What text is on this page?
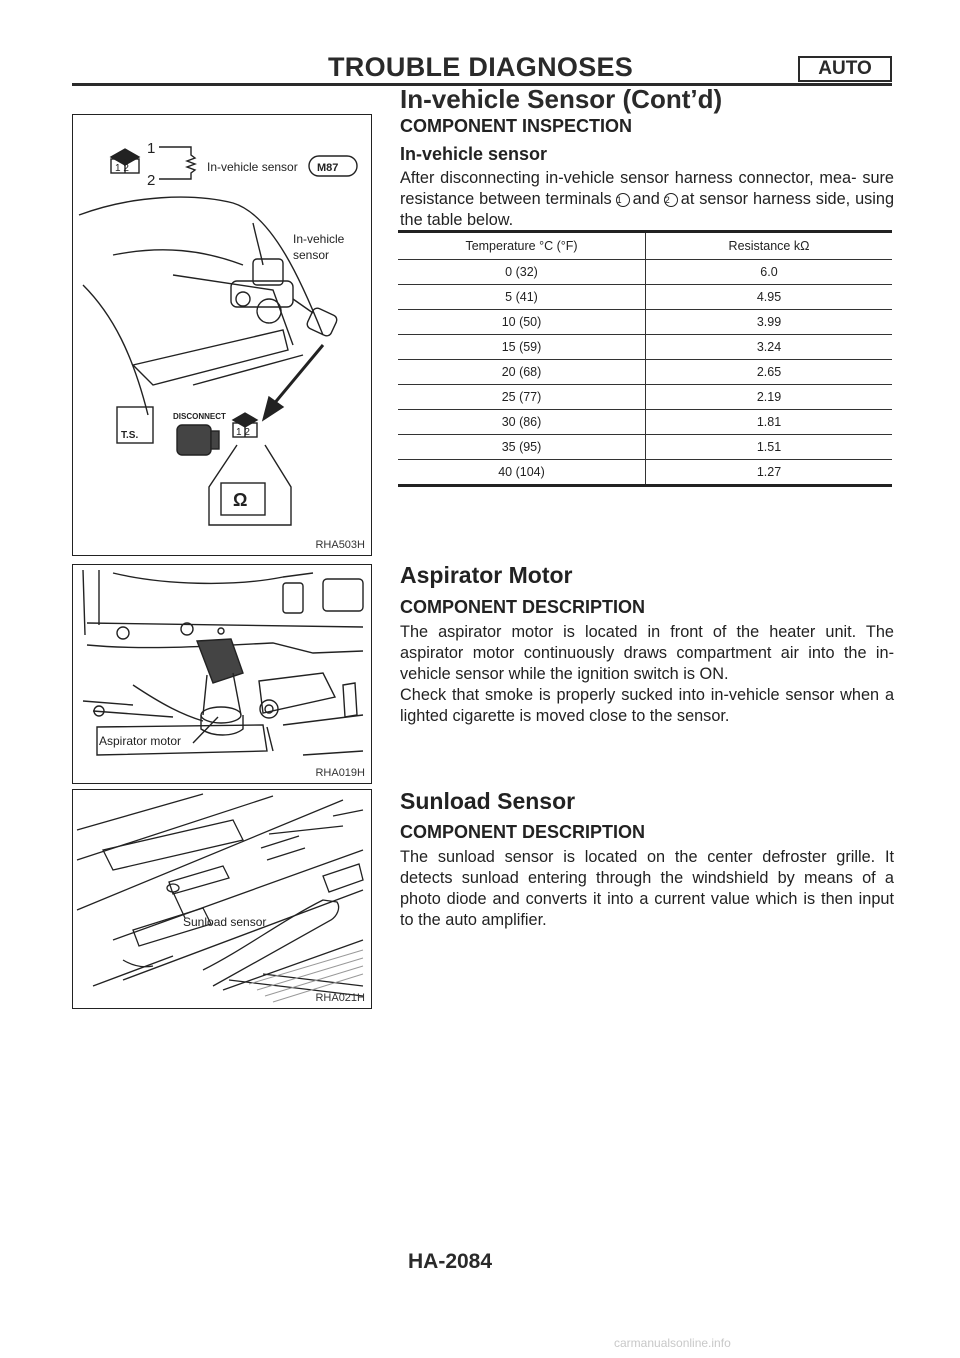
TROUBLE DIAGNOSES	AUTO
In-vehicle Sensor (Cont’d)
1
2
1 2	In-vehicle sensor M87
In-vehicle
sensor
DISCONNECT
T.S.	1 2
Ω
RHA503H
COMPONENT INSPECTION
In-vehicle sensor
After disconnecting in-vehicle sensor harness connector, mea- sure resistance between terminals 1 and 2 at sensor harness side, using the table below.
Temperature °C (°F)	Resistance kΩ
0 (32)	6.0
5 (41)	4.95
10 (50)	3.99
15 (59)	3.24
20 (68)	2.65
25 (77)	2.19
30 (86)	1.81
35 (95)	1.51
40 (104)	1.27
Aspirator motor
RHA019H
Aspirator Motor
COMPONENT DESCRIPTION

The aspirator motor is located in front of the heater unit. The aspirator motor continuously draws compartment air into the in- vehicle sensor while the ignition switch is ON.

Check that smoke is properly sucked into in-vehicle sensor when a lighted cigarette is moved close to the sensor.

Sunload sensor
RHA021H
Sunload Sensor
COMPONENT DESCRIPTION

The sunload sensor is located on the center defroster grille. It detects sunload entering through the windshield by means of a photo diode and converts it into a current value which is then input to the auto amplifier.

HA-2084
carmanualsonline.info
